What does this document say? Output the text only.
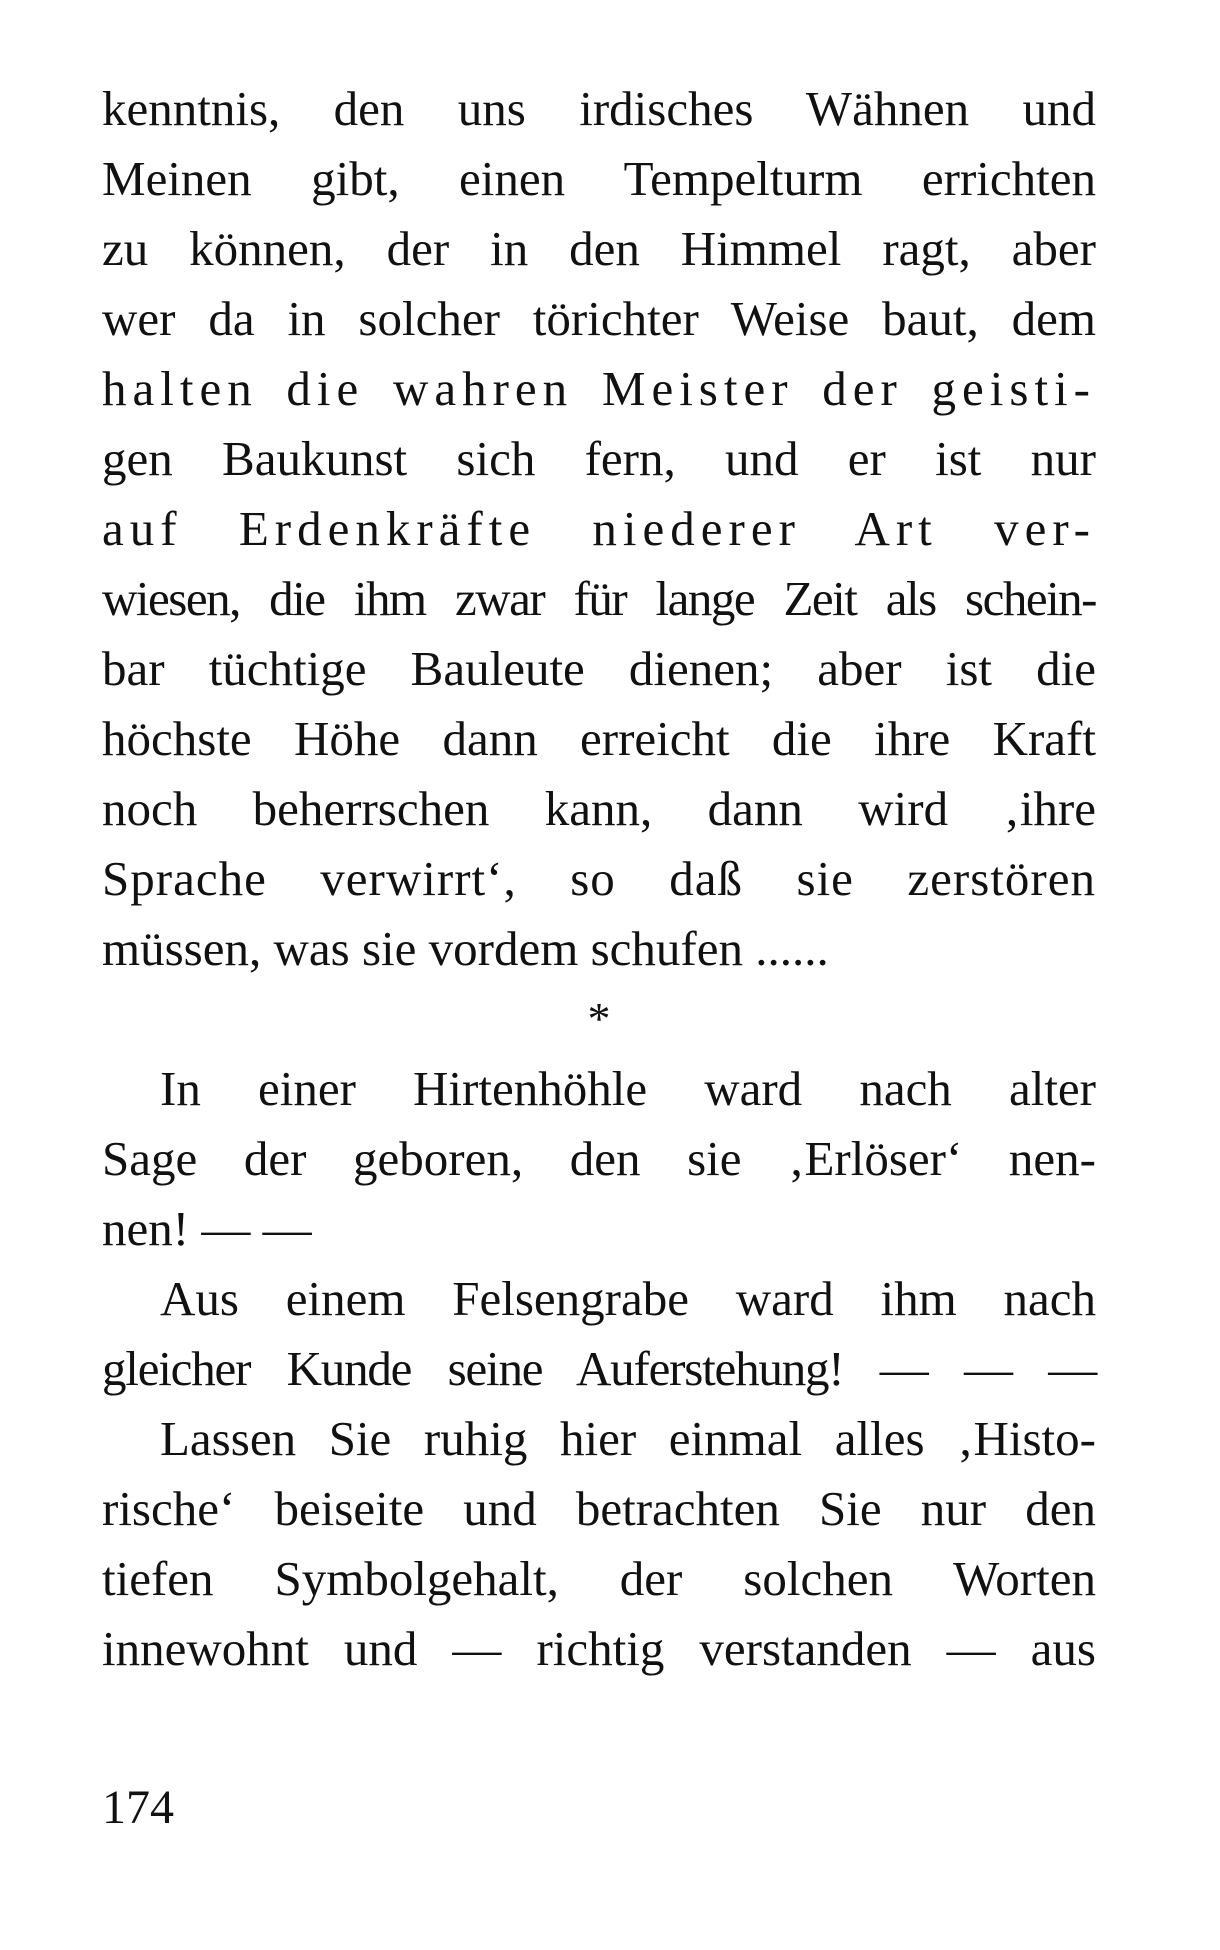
kenntnis, den uns irdisches Wähnen und
Meinen gibt, einen Tempelturm errichten
zu können, der in den Himmel ragt, aber
wer da in solcher törichter Weise baut, dem
halten die wahren Meister der geisti-
gen Baukunst sich fern, und er ist nur
auf Erdenkräfte niederer Art ver-
wiesen, die ihm zwar für lange Zeit als schein-
bar tüchtige Bauleute dienen; aber ist die
höchste Höhe dann erreicht die ihre Kraft
noch beherrschen kann, dann wird ‚ihre
Sprache verwirrt‘, so daß sie zerstören
müssen, was sie vordem schufen ......
*
In einer Hirtenhöhle ward nach alter
Sage der geboren, den sie ‚Erlöser‘ nen-
nen! — —
Aus einem Felsengrabe ward ihm nach
gleicher Kunde seine Auferstehung! — — —
Lassen Sie ruhig hier einmal alles ‚Histo-
rische‘ beiseite und betrachten Sie nur den
tiefen Symbolgehalt, der solchen Worten
innewohnt und — richtig verstanden — aus
174
